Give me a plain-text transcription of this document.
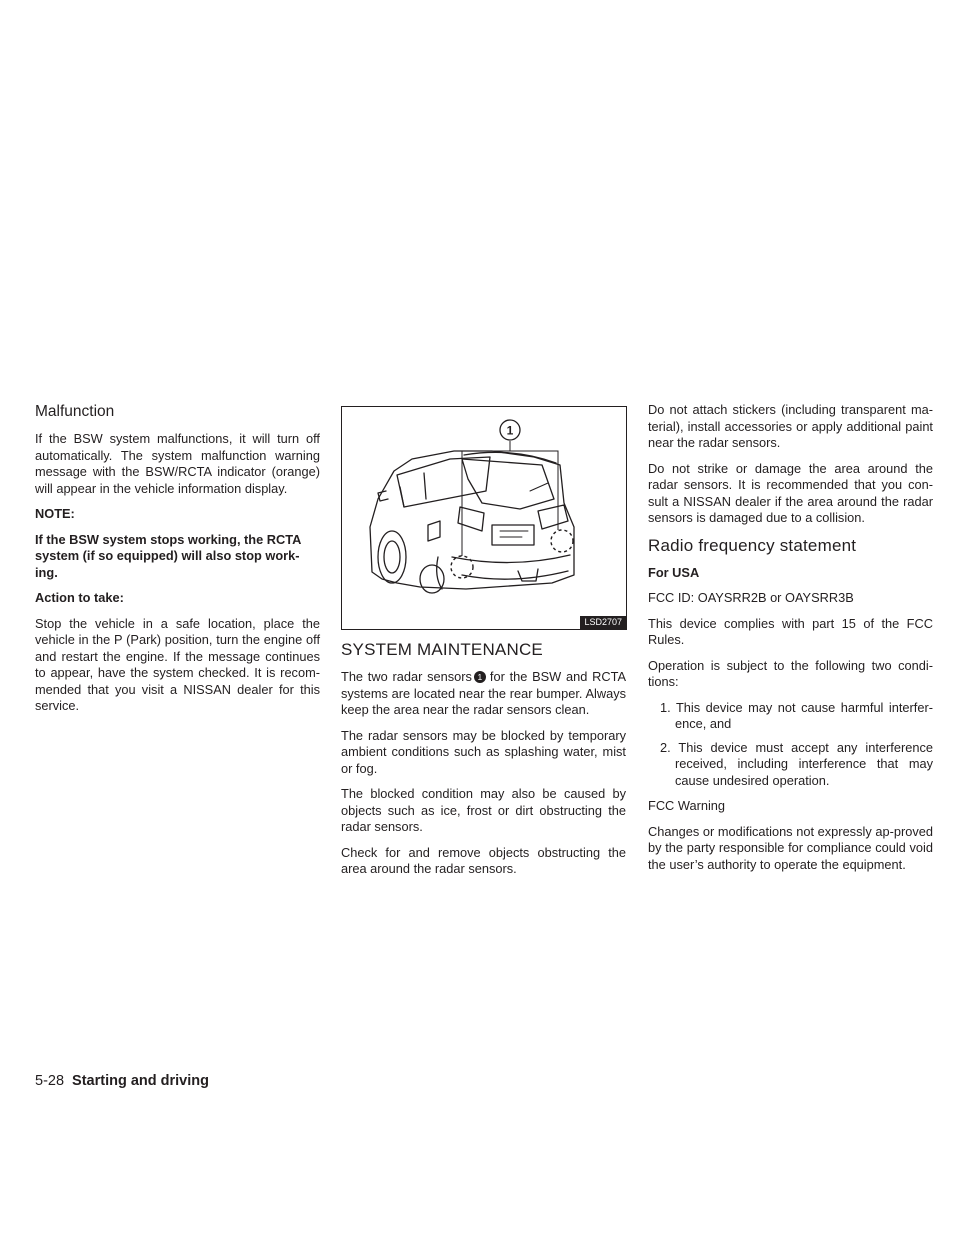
Malfunction

If the BSW system malfunctions, it will turn off automatically. The system malfunction warning message with the BSW/RCTA indicator (orange) will appear in the vehicle information display.

NOTE:

If the BSW system stops working, the RCTA system (if so equipped) will also stop work-ing.

Action to take:

Stop the vehicle in a safe location, place the vehicle in the P (Park) position, turn the engine off and restart the engine. If the message continues to appear, have the system checked. It is recom-mended that you visit a NISSAN dealer for this service.

1
LSD2707
SYSTEM MAINTENANCE

The two radar sensors 1 for the BSW and RCTA systems are located near the rear bumper. Always keep the area near the radar sensors clean.

The radar sensors may be blocked by temporary ambient conditions such as splashing water, mist or fog.

The blocked condition may also be caused by objects such as ice, frost or dirt obstructing the radar sensors.

Check for and remove objects obstructing the area around the radar sensors.

Do not attach stickers (including transparent ma-terial), install accessories or apply additional paint near the radar sensors.

Do not strike or damage the area around the radar sensors. It is recommended that you con-sult a NISSAN dealer if the area around the radar sensors is damaged due to a collision.

Radio frequency statement

For USA

FCC ID: OAYSRR2B or OAYSRR3B

This device complies with part 15 of the FCC Rules.

Operation is subject to the following two condi-tions:

1. This device may not cause harmful interfer-ence, and
2. This device must accept any interference received, including interference that may cause undesired operation.

FCC Warning

Changes or modifications not expressly ap-proved by the party responsible for compliance could void the user’s authority to operate the equipment.

5-28 Starting and driving
